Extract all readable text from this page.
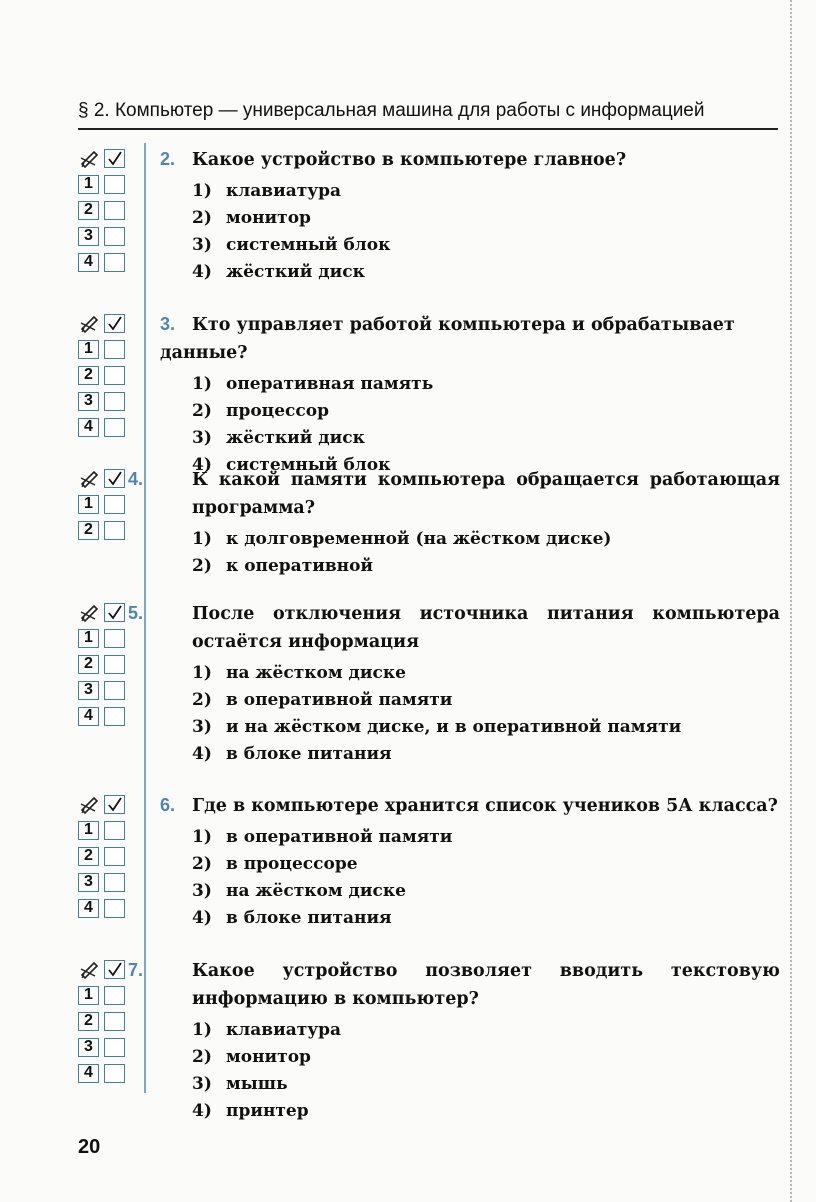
§ 2. Компьютер — универсальная машина для работы с информацией
1
2
3
4
2. Какое устройство в компьютере главное?
1) клавиатура
2) монитор
3) системный блок
4) жёсткий диск
1
2
3
4
3. Кто управляет работой компьютера и обрабатывает данные?
1) оперативная память
2) процессор
3) жёсткий диск
4) системный блок
1
2
4.	К какой памяти компьютера обращается работающая программа?
1) к долговременной (на жёстком диске)
2) к оперативной
1
2
3
4
5.	После отключения источника питания компьютера остаётся информация
1) на жёстком диске
2) в оперативной памяти
3) и на жёстком диске, и в оперативной памяти
4) в блоке питания
1
2
3
4
6. Где в компьютере хранится список учеников 5А класса?
1) в оперативной памяти
2) в процессоре
3) на жёстком диске
4) в блоке питания
1
2
3
4
7.	Какое устройство позволяет вводить текстовую информацию в компьютер?
1) клавиатура
2) монитор
3) мышь
4) принтер
20
